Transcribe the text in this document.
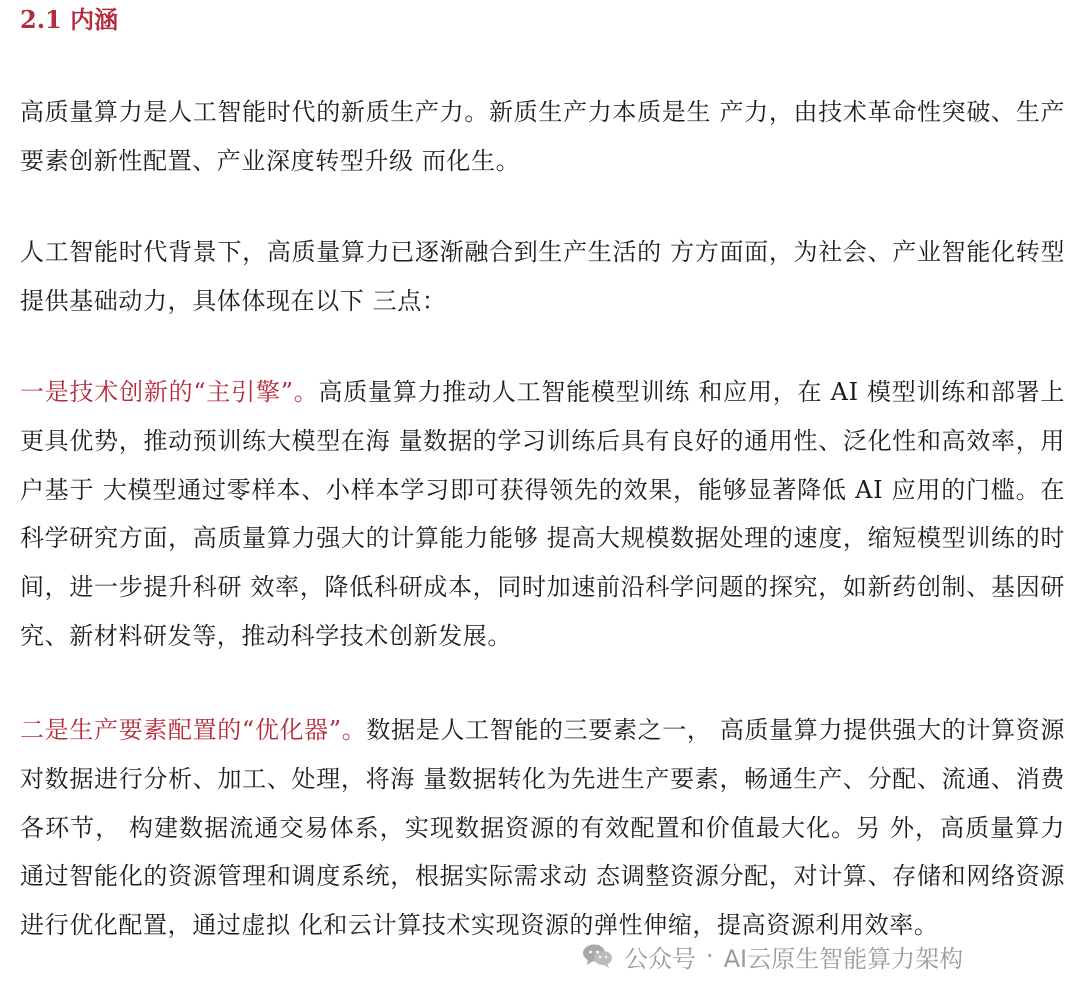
2.1 内涵

高质量算力是人工智能时代的新质生产力。新质生产力本质是生 产力，由技术革命性突破、生产要素创新性配置、产业深度转型升级 而化生。

人工智能时代背景下，高质量算力已逐渐融合到生产生活的 方方面面，为社会、产业智能化转型提供基础动力，具体体现在以下 三点：

一是技术创新的“主引擎”。高质量算力推动人工智能模型训练 和应用，在 AI 模型训练和部署上更具优势，推动预训练大模型在海 量数据的学习训练后具有良好的通用性、泛化性和高效率，用户基于 大模型通过零样本、小样本学习即可获得领先的效果，能够显著降低 AI 应用的门槛。在科学研究方面，高质量算力强大的计算能力能够 提高大规模数据处理的速度，缩短模型训练的时间，进一步提升科研 效率，降低科研成本，同时加速前沿科学问题的探究，如新药创制、基因研究、新材料研发等，推动科学技术创新发展。

二是生产要素配置的“优化器”。数据是人工智能的三要素之一， 高质量算力提供强大的计算资源对数据进行分析、加工、处理，将海 量数据转化为先进生产要素，畅通生产、分配、流通、消费各环节， 构建数据流通交易体系，实现数据资源的有效配置和价值最大化。另 外，高质量算力通过智能化的资源管理和调度系统，根据实际需求动 态调整资源分配，对计算、存储和网络资源进行优化配置，通过虚拟 化和云计算技术实现资源的弹性伸缩，提高资源利用效率。

公众号 · AI云原生智能算力架构
